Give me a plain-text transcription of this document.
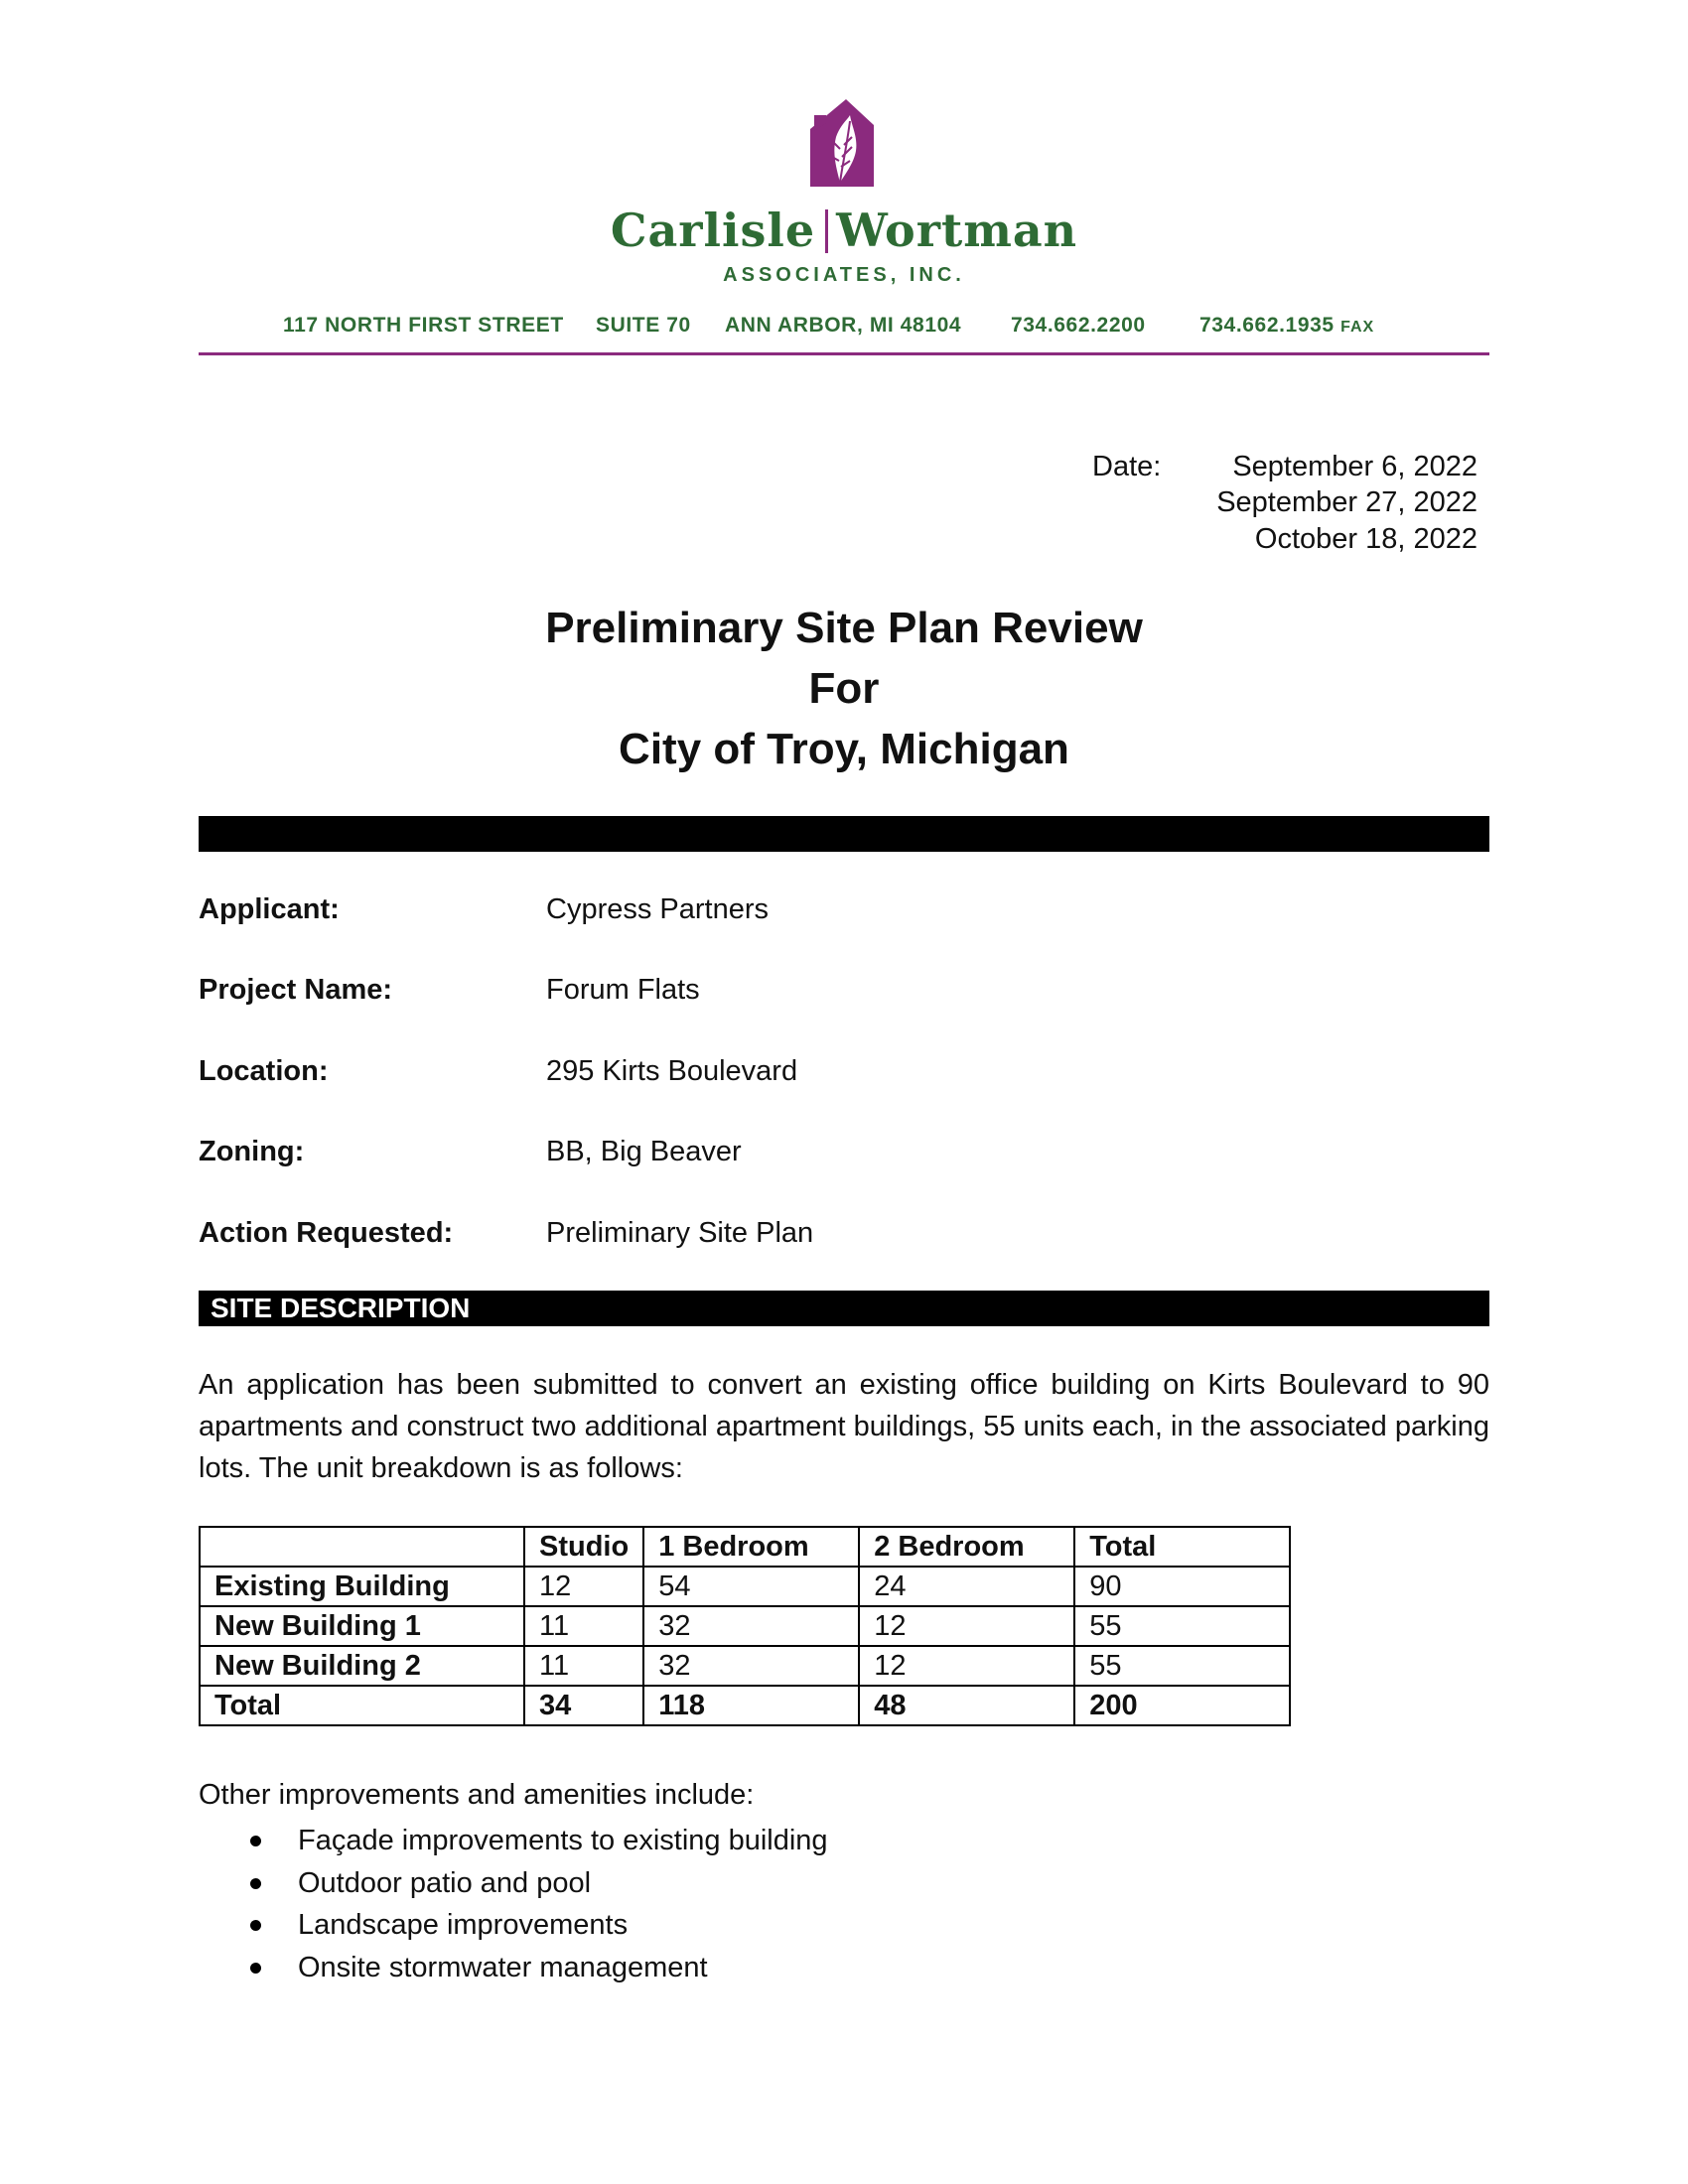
Carlisle Wortman
ASSOCIATES, INC.
117 NORTH FIRST STREET SUITE 70 ANN ARBOR, MI 48104 734.662.2200	734.662.1935 FAX
Date: September 6, 2022
September 27, 2022
October 18, 2022
Preliminary Site Plan Review
For
City of Troy, Michigan
Applicant:	Cypress Partners
Project Name:	Forum Flats
Location:	295 Kirts Boulevard
Zoning:	BB, Big Beaver
Action Requested:	Preliminary Site Plan
SITE DESCRIPTION
An application has been submitted to convert an existing office building on Kirts Boulevard to 90 apartments and construct two additional apartment buildings, 55 units each, in the associated parking lots. The unit breakdown is as follows:
	Studio	1 Bedroom	2 Bedroom	Total
Existing Building	12	54	24	90
New Building 1	11	32	12	55
New Building 2	11	32	12	55
Total	34	118	48	200
Other improvements and amenities include:
Façade improvements to existing building
Outdoor patio and pool
Landscape improvements
Onsite stormwater management
